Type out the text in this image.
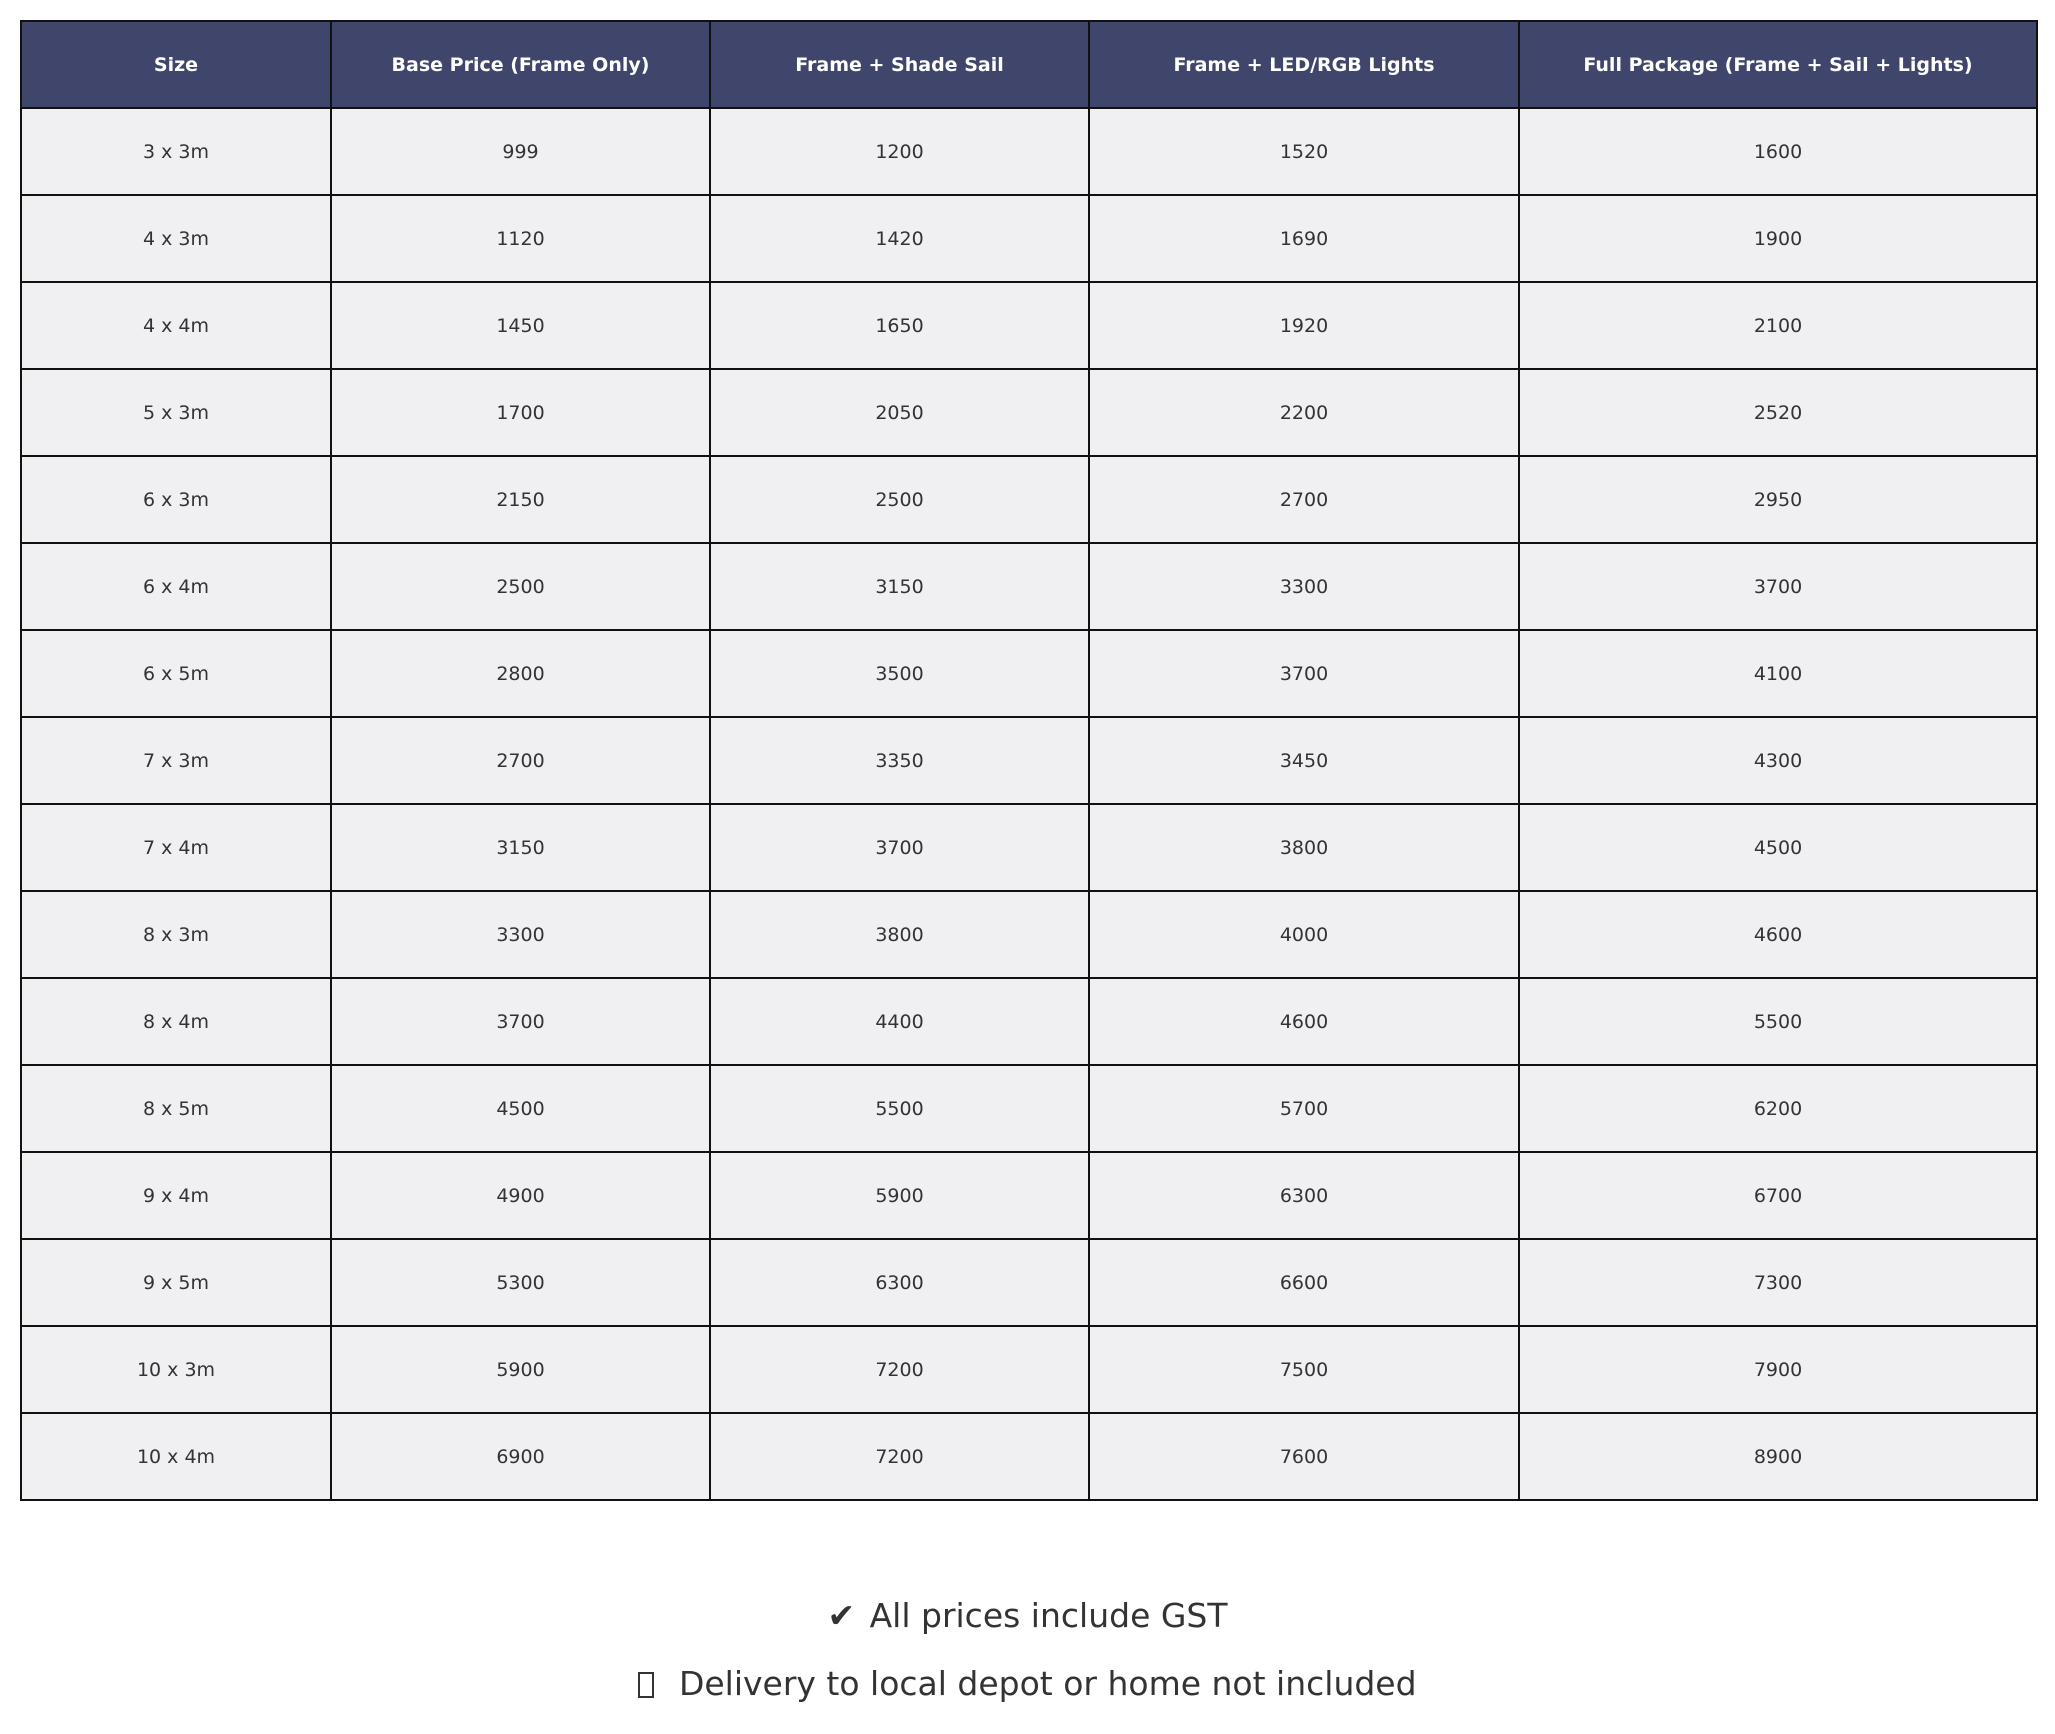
Size	Base Price (Frame Only)	Frame + Shade Sail	Frame + LED/RGB Lights	Full Package (Frame + Sail + Lights)
3 x 3m	999	1200	1520	1600
4 x 3m	1120	1420	1690	1900
4 x 4m	1450	1650	1920	2100
5 x 3m	1700	2050	2200	2520
6 x 3m	2150	2500	2700	2950
6 x 4m	2500	3150	3300	3700
6 x 5m	2800	3500	3700	4100
7 x 3m	2700	3350	3450	4300
7 x 4m	3150	3700	3800	4500
8 x 3m	3300	3800	4000	4600
8 x 4m	3700	4400	4600	5500
8 x 5m	4500	5500	5700	6200
9 x 4m	4900	5900	6300	6700
9 x 5m	5300	6300	6600	7300
10 x 3m	5900	7200	7500	7900
10 x 4m	6900	7200	7600	8900
✔ All prices include GST
Delivery to local depot or home not included
